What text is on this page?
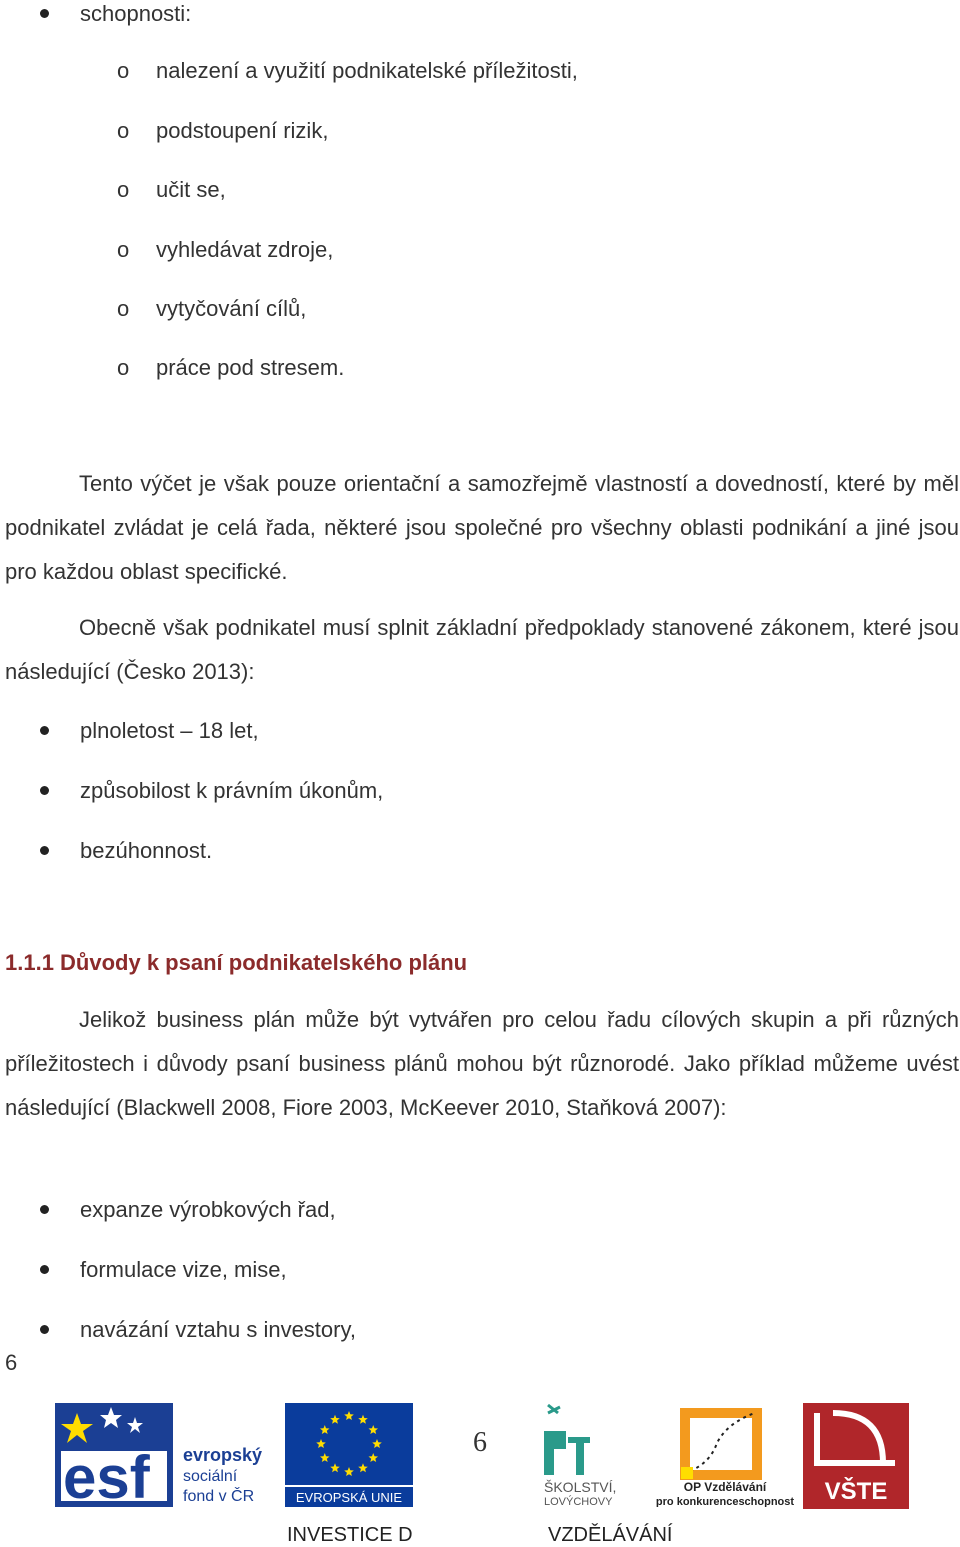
schopnosti:
o nalezení a využití podnikatelské příležitosti,
o podstoupení rizik,
o učit se,
o vyhledávat zdroje,
o vytyčování cílů,
o práce pod stresem.

Tento výčet je však pouze orientační a samozřejmě vlastností a dovedností, které by měl podnikatel zvládat je celá řada, některé jsou společné pro všechny oblasti podnikání a jiné jsou pro každou oblast specifické.

Obecně však podnikatel musí splnit základní předpoklady stanovené zákonem, které jsou následující (Česko 2013):

plnoletost – 18 let,
způsobilost k právním úkonům,
bezúhonnost.
1.1.1 Důvody k psaní podnikatelského plánu

Jelikož business plán může být vytvářen pro celou řadu cílových skupin a při různých příležitostech i důvody psaní business plánů mohou být různorodé. Jako příklad můžeme uvést následující (Blackwell 2008, Fiore 2003, McKeever 2010, Staňková 2007):

expanze výrobkových řad,
formulace vize, mise,
navázání vztahu s investory,
6
esf evropský
sociální
fond v ČR	EVROPSKÁ UNIE
6
ŠKOLSTVÍ,
LOVÝCHOVY
2007-13
OP Vzdělávání
pro konkurenceschopnost VŠTE
INVESTICE D	VZDĚLÁVÁNÍ
